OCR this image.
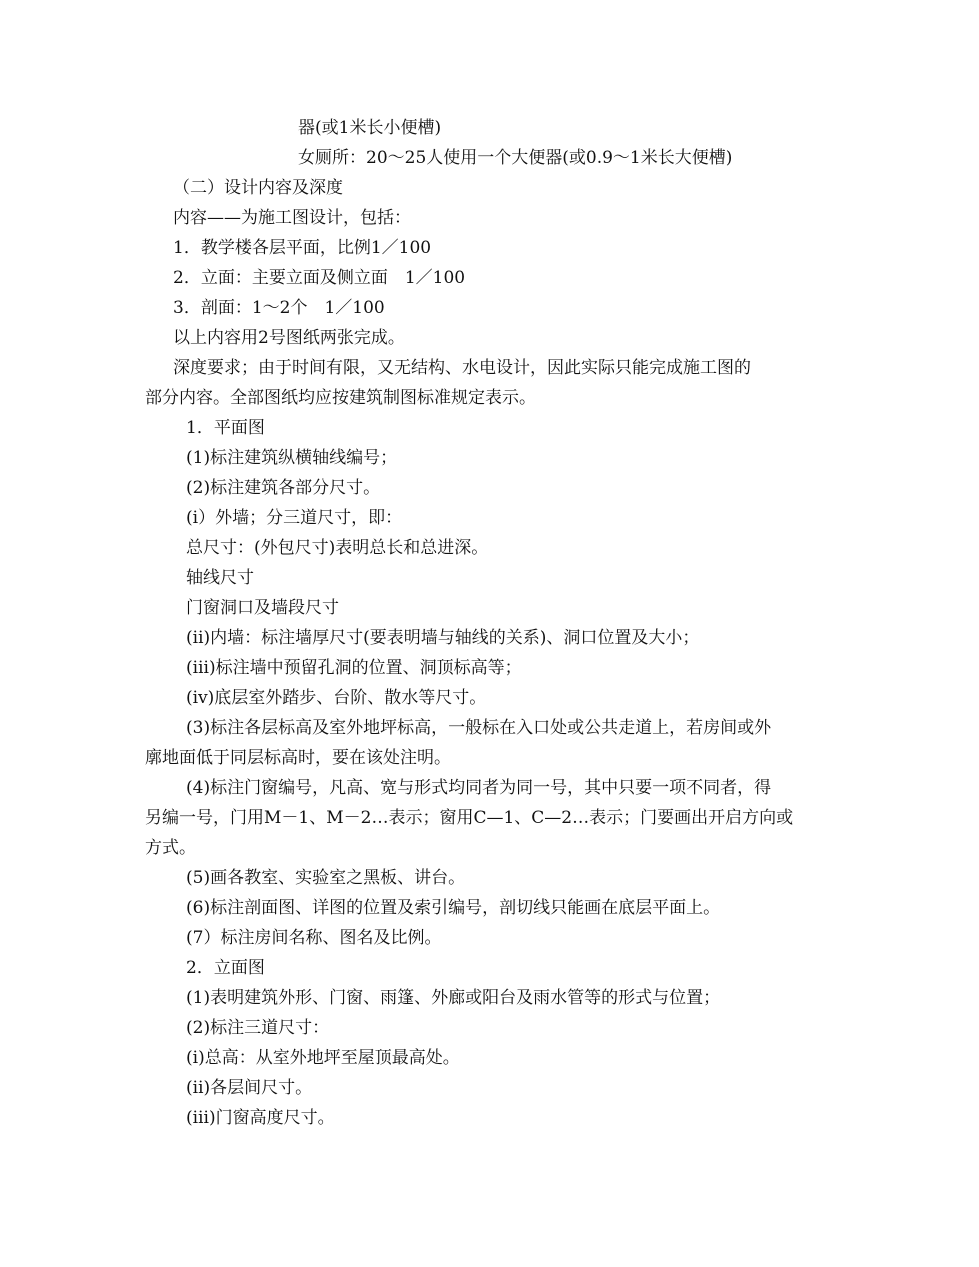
器(或1米长小便槽)
女厕所：20～25人使用一个大便器(或0.9～1米长大便槽)
（二）设计内容及深度
内容——为施工图设计，包括：
1．教学楼各层平面，比例1／100
2．立面：主要立面及侧立面　1／100
3．剖面：1～2个　1／100
以上内容用2号图纸两张完成。
深度要求；由于时间有限，又无结构、水电设计，因此实际只能完成施工图的
部分内容。全部图纸均应按建筑制图标准规定表示。
1．平面图
(1)标注建筑纵横轴线编号；
(2)标注建筑各部分尺寸。
(ⅰ）外墙；分三道尺寸，即：
总尺寸：(外包尺寸)表明总长和总进深。
轴线尺寸
门窗洞口及墙段尺寸
(ⅱ)内墙：标注墙厚尺寸(要表明墙与轴线的关系)、洞口位置及大小；
(ⅲ)标注墙中预留孔洞的位置、洞顶标高等；
(ⅳ)底层室外踏步、台阶、散水等尺寸。
(3)标注各层标高及室外地坪标高，一般标在入口处或公共走道上，若房间或外
廓地面低于同层标高时，要在该处注明。
(4)标注门窗编号，凡高、宽与形式均同者为同一号，其中只要一项不同者，得
另编一号，门用M－1、M－2…表示；窗用C—1、C—2…表示；门要画出开启方向或
方式。
(5)画各教室、实验室之黑板、讲台。
(6)标注剖面图、详图的位置及索引编号，剖切线只能画在底层平面上。
(7）标注房间名称、图名及比例。
2．立面图
(1)表明建筑外形、门窗、雨篷、外廊或阳台及雨水管等的形式与位置；
(2)标注三道尺寸：
(i)总高：从室外地坪至屋顶最高处。
(ⅱ)各层间尺寸。
(ⅲ)门窗高度尺寸。
